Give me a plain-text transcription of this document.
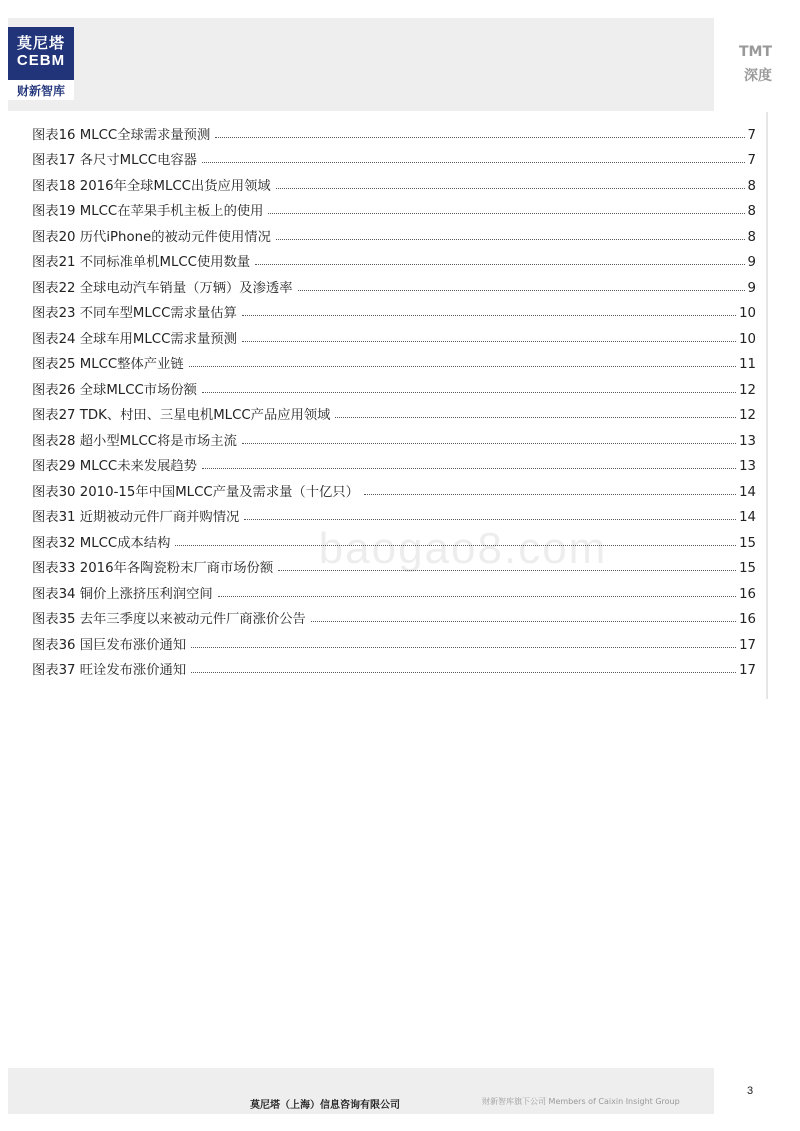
莫尼塔
CEBM
财新智库
TMT
深度
图表16 MLCC全球需求量预测	7
图表17 各尺寸MLCC电容器	7
图表18 2016年全球MLCC出货应用领域	8
图表19 MLCC在苹果手机主板上的使用	8
图表20 历代iPhone的被动元件使用情况	8
图表21 不同标准单机MLCC使用数量	9
图表22 全球电动汽车销量（万辆）及渗透率	9
图表23 不同车型MLCC需求量估算	10
图表24 全球车用MLCC需求量预测	10
图表25 MLCC整体产业链	11
图表26 全球MLCC市场份额	12
图表27 TDK、村田、三星电机MLCC产品应用领域	12
图表28 超小型MLCC将是市场主流	13
图表29 MLCC未来发展趋势	13
图表30 2010-15年中国MLCC产量及需求量（十亿只）	14
图表31 近期被动元件厂商并购情况	14
图表32 MLCC成本结构	15
图表33 2016年各陶瓷粉末厂商市场份额	15
图表34 铜价上涨挤压利润空间	16
图表35 去年三季度以来被动元件厂商涨价公告	16
图表36 国巨发布涨价通知	17
图表37 旺诠发布涨价通知	17
baogao8.com
莫尼塔（上海）信息咨询有限公司	财新智库旗下公司 Members of Caixin Insight Group
3
